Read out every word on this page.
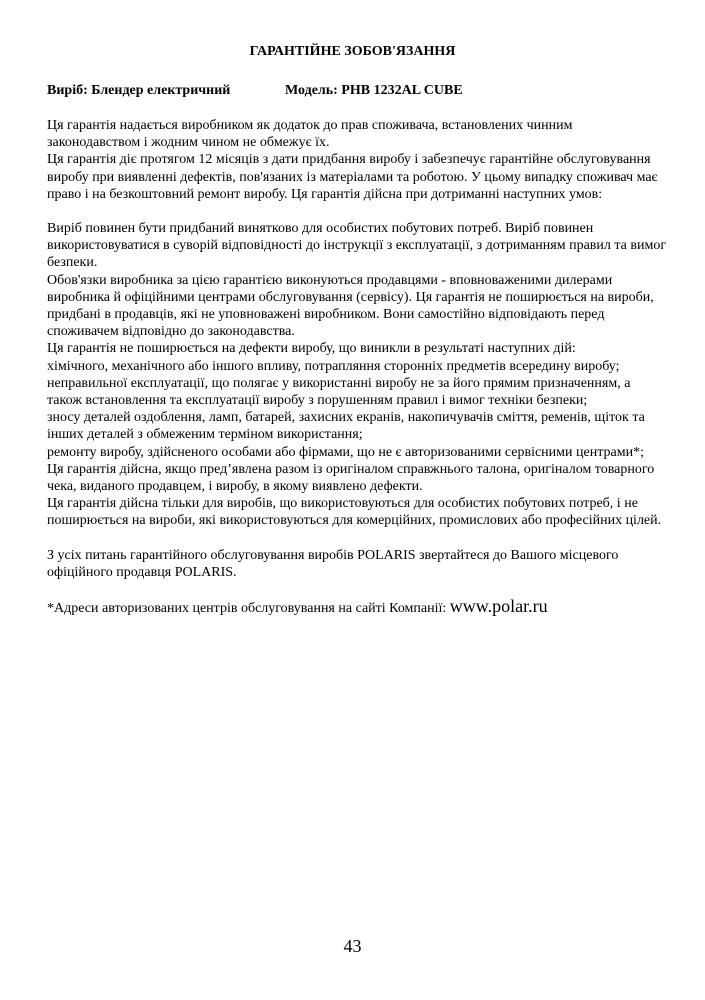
ГАРАНТІЙНЕ ЗОБОВ'ЯЗАННЯ
Виріб: Блендер електричний	Модель: PHB 1232AL CUBE

Ця гарантія надається виробником як додаток до прав споживача, встановлених чинним законодавством і жодним чином не обмежує їх.

Ця гарантія діє протягом 12 місяців з дати придбання виробу і забезпечує гарантійне обслуговування виробу при виявленні дефектів, пов'язаних із матеріалами та роботою. У цьому випадку споживач має право і на безкоштовний ремонт виробу. Ця гарантія дійсна при дотриманні наступних умов:

Виріб повинен бути придбаний винятково для особистих побутових потреб. Виріб повинен використовуватися в суворій відповідності до інструкції з експлуатації, з дотриманням правил та вимог безпеки.

Обов'язки виробника за цією гарантією виконуються продавцями - вповноваженими дилерами виробника й офіційними центрами обслуговування (сервісу). Ця гарантія не поширюється на вироби, придбані в продавців, які не уповноважені виробником. Вони самостійно відповідають перед споживачем відповідно до законодавства.

Ця гарантія не поширюється на дефекти виробу, що виникли в результаті наступних дій:

хімічного, механічного або іншого впливу, потрапляння сторонніх предметів всередину виробу;

неправильної експлуатації, що полягає у використанні виробу не за його прямим призначенням, а також встановлення та експлуатації виробу з порушенням правил і вимог техніки безпеки;

зносу деталей оздоблення, ламп, батарей, захисних екранів, накопичувачів сміття, ременів, щіток та інших деталей з обмеженим терміном використання;

ремонту виробу, здійсненого особами або фірмами, що не є авторизованими сервісними центрами*;

Ця гарантія дійсна, якщо пред’явлена разом із оригіналом справжнього талона, оригіналом товарного чека, виданого продавцем, і виробу, в якому виявлено дефекти.

Ця гарантія дійсна тільки для виробів, що використовуються для особистих побутових потреб, і не поширюється на вироби, які використовуються для комерційних, промислових або професійних цілей.

З усіх питань гарантійного обслуговування виробів POLARIS звертайтеся до Вашого місцевого офіційного продавця POLARIS.

*Адреси авторизованих центрів обслуговування на сайті Компанії: www.polar.ru

43
